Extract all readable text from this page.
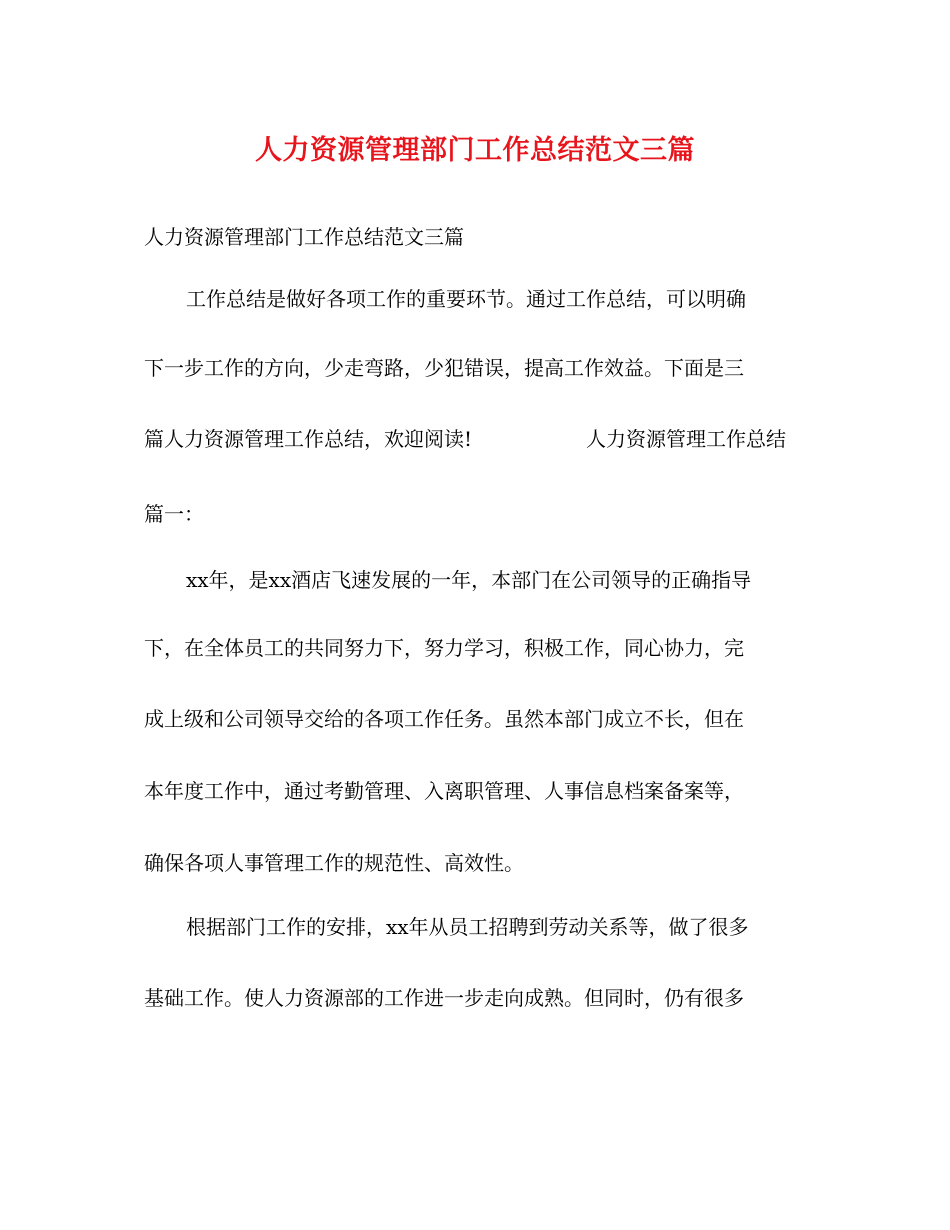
人力资源管理部门工作总结范文三篇
人力资源管理部门工作总结范文三篇
工作总结是做好各项工作的重要环节。通过工作总结，可以明确
下一步工作的方向，少走弯路，少犯错误，提高工作效益。下面是三
篇人力资源管理工作总结，欢迎阅读!	人力资源管理工作总结
篇一：
xx年，是xx酒店飞速发展的一年，本部门在公司领导的正确指导
下，在全体员工的共同努力下，努力学习，积极工作，同心协力，完
成上级和公司领导交给的各项工作任务。虽然本部门成立不长，但在
本年度工作中，通过考勤管理、入离职管理、人事信息档案备案等，
确保各项人事管理工作的规范性、高效性。
根据部门工作的安排，xx年从员工招聘到劳动关系等，做了很多
基础工作。使人力资源部的工作进一步走向成熟。但同时，仍有很多
